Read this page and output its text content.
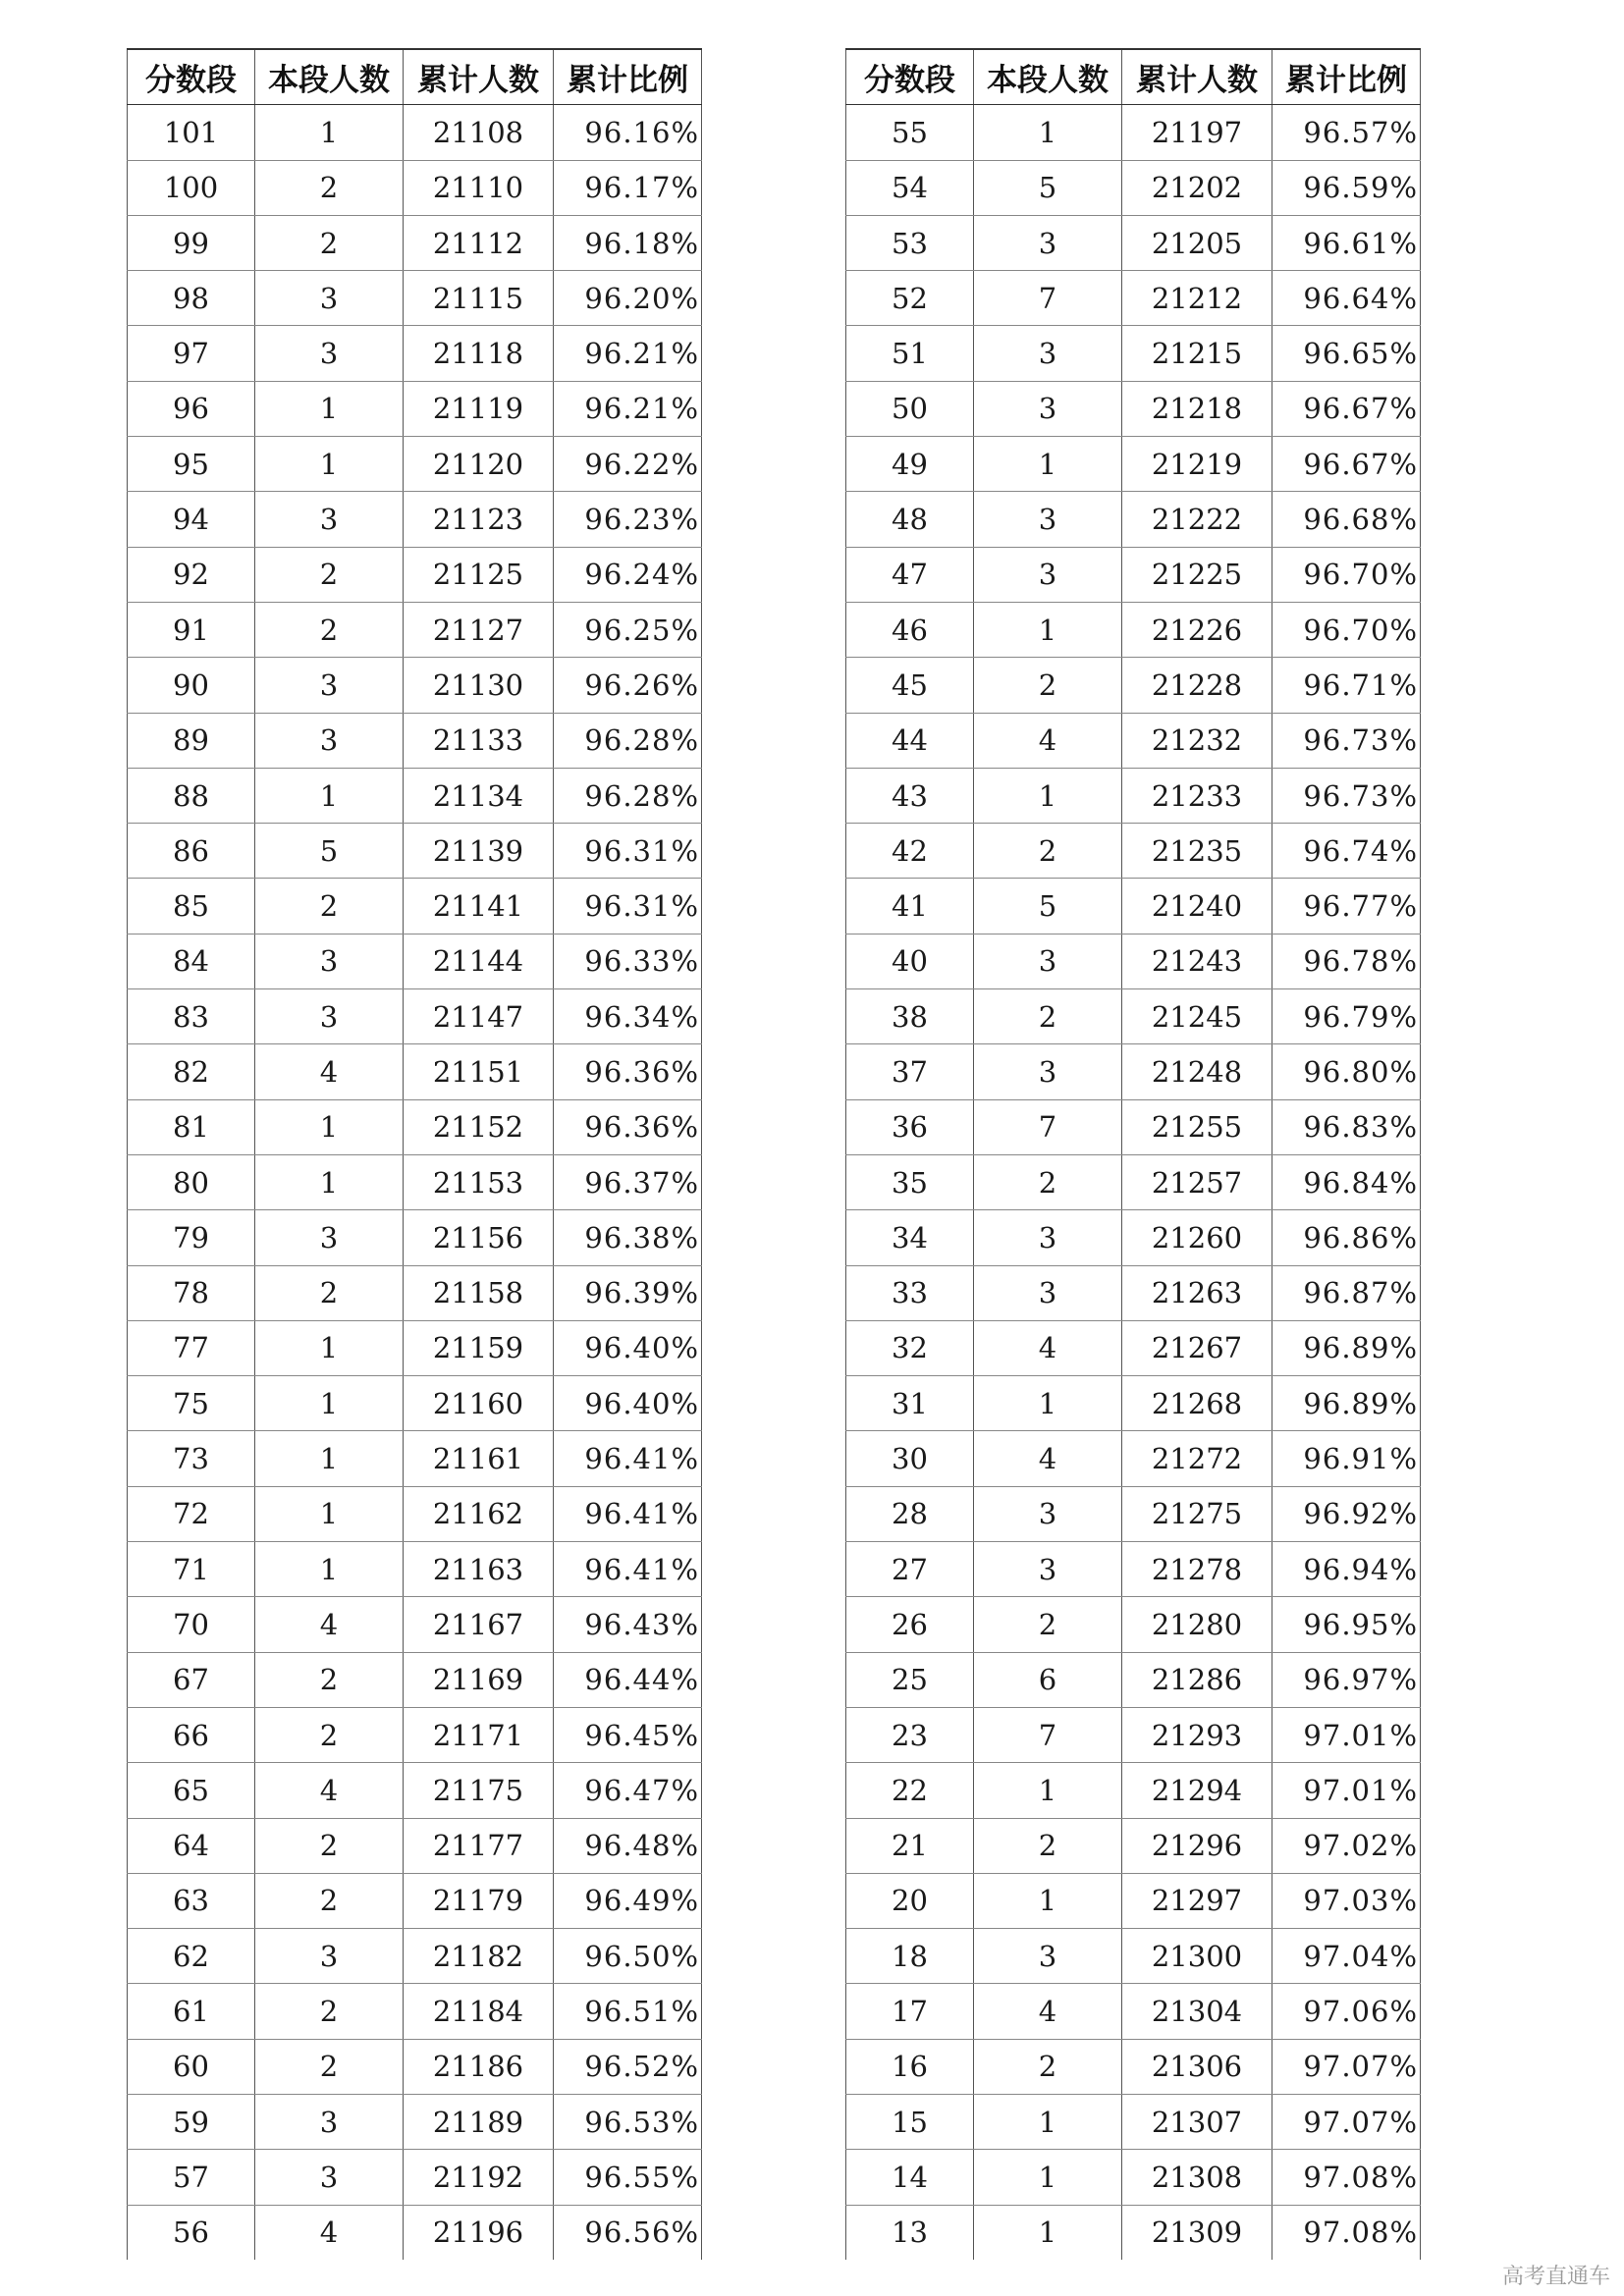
分数段	本段人数	累计人数	累计比例
101	1	21108	96.16%
100	2	21110	96.17%
99	2	21112	96.18%
98	3	21115	96.20%
97	3	21118	96.21%
96	1	21119	96.21%
95	1	21120	96.22%
94	3	21123	96.23%
92	2	21125	96.24%
91	2	21127	96.25%
90	3	21130	96.26%
89	3	21133	96.28%
88	1	21134	96.28%
86	5	21139	96.31%
85	2	21141	96.31%
84	3	21144	96.33%
83	3	21147	96.34%
82	4	21151	96.36%
81	1	21152	96.36%
80	1	21153	96.37%
79	3	21156	96.38%
78	2	21158	96.39%
77	1	21159	96.40%
75	1	21160	96.40%
73	1	21161	96.41%
72	1	21162	96.41%
71	1	21163	96.41%
70	4	21167	96.43%
67	2	21169	96.44%
66	2	21171	96.45%
65	4	21175	96.47%
64	2	21177	96.48%
63	2	21179	96.49%
62	3	21182	96.50%
61	2	21184	96.51%
60	2	21186	96.52%
59	3	21189	96.53%
57	3	21192	96.55%
56	4	21196	96.56%
分数段	本段人数	累计人数	累计比例
55	1	21197	96.57%
54	5	21202	96.59%
53	3	21205	96.61%
52	7	21212	96.64%
51	3	21215	96.65%
50	3	21218	96.67%
49	1	21219	96.67%
48	3	21222	96.68%
47	3	21225	96.70%
46	1	21226	96.70%
45	2	21228	96.71%
44	4	21232	96.73%
43	1	21233	96.73%
42	2	21235	96.74%
41	5	21240	96.77%
40	3	21243	96.78%
38	2	21245	96.79%
37	3	21248	96.80%
36	7	21255	96.83%
35	2	21257	96.84%
34	3	21260	96.86%
33	3	21263	96.87%
32	4	21267	96.89%
31	1	21268	96.89%
30	4	21272	96.91%
28	3	21275	96.92%
27	3	21278	96.94%
26	2	21280	96.95%
25	6	21286	96.97%
23	7	21293	97.01%
22	1	21294	97.01%
21	2	21296	97.02%
20	1	21297	97.03%
18	3	21300	97.04%
17	4	21304	97.06%
16	2	21306	97.07%
15	1	21307	97.07%
14	1	21308	97.08%
13	1	21309	97.08%
高考直通车
